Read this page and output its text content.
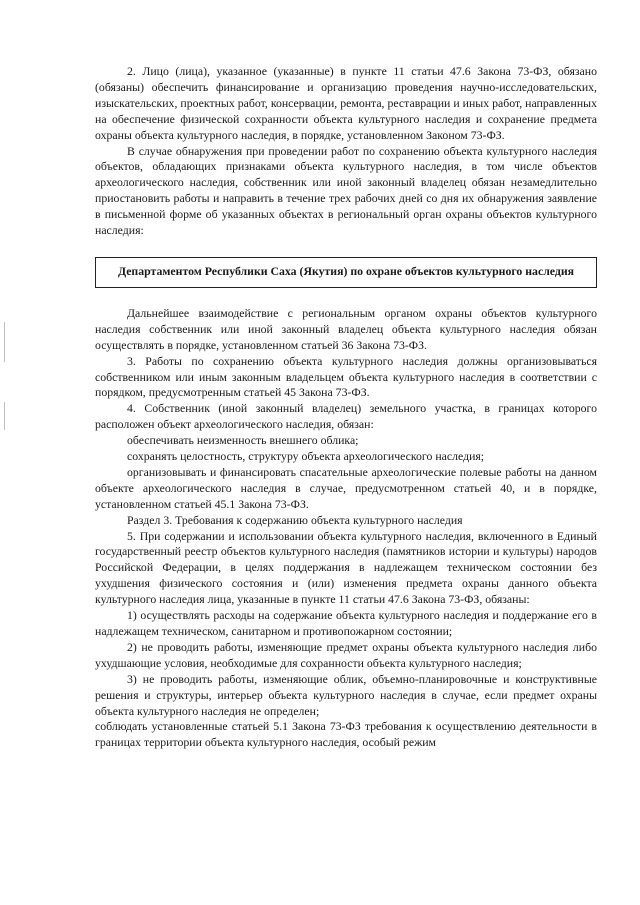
2. Лицо (лица), указанное (указанные) в пункте 11 статьи 47.6 Закона 73-ФЗ, обязано (обязаны) обеспечить финансирование и организацию проведения научно-исследовательских, изыскательских, проектных работ, консервации, ремонта, реставрации и иных работ, направленных на обеспечение физической сохранности объекта культурного наследия и сохранение предмета охраны объекта культурного наследия, в порядке, установленном Законом 73-ФЗ.

В случае обнаружения при проведении работ по сохранению объекта культурного наследия объектов, обладающих признаками объекта культурного наследия, в том числе объектов археологического наследия, собственник или иной законный владелец обязан незамедлительно приостановить работы и направить в течение трех рабочих дней со дня их обнаружения заявление в письменной форме об указанных объектах в региональный орган охраны объектов культурного наследия:

Департаментом Республики Саха (Якутия) по охране объектов культурного наследия

Дальнейшее взаимодействие с региональным органом охраны объектов культурного наследия собственник или иной законный владелец объекта культурного наследия обязан осуществлять в порядке, установленном статьей 36 Закона 73-ФЗ.

3. Работы по сохранению объекта культурного наследия должны организовываться собственником или иным законным владельцем объекта культурного наследия в соответствии с порядком, предусмотренным статьей 45 Закона 73-ФЗ.

4. Собственник (иной законный владелец) земельного участка, в границах которого расположен объект археологического наследия, обязан:

обеспечивать неизменность внешнего облика;

сохранять целостность, структуру объекта археологического наследия;

организовывать и финансировать спасательные археологические полевые работы на данном объекте археологического наследия в случае, предусмотренном статьей 40, и в порядке, установленном статьей 45.1 Закона 73-ФЗ.

Раздел 3. Требования к содержанию объекта культурного наследия

5. При содержании и использовании объекта культурного наследия, включенного в Единый государственный реестр объектов культурного наследия (памятников истории и культуры) народов Российской Федерации, в целях поддержания в надлежащем техническом состоянии без ухудшения физического состояния и (или) изменения предмета охраны данного объекта культурного наследия лица, указанные в пункте 11 статьи 47.6 Закона 73-ФЗ, обязаны:

1) осуществлять расходы на содержание объекта культурного наследия и поддержание его в надлежащем техническом, санитарном и противопожарном состоянии;

2) не проводить работы, изменяющие предмет охраны объекта культурного наследия либо ухудшающие условия, необходимые для сохранности объекта культурного наследия;

3) не проводить работы, изменяющие облик, объемно-планировочные и конструктивные решения и структуры, интерьер объекта культурного наследия в случае, если предмет охраны объекта культурного наследия не определен;

соблюдать установленные статьей 5.1 Закона 73-ФЗ требования к осуществлению деятельности в границах территории объекта культурного наследия, особый режим
